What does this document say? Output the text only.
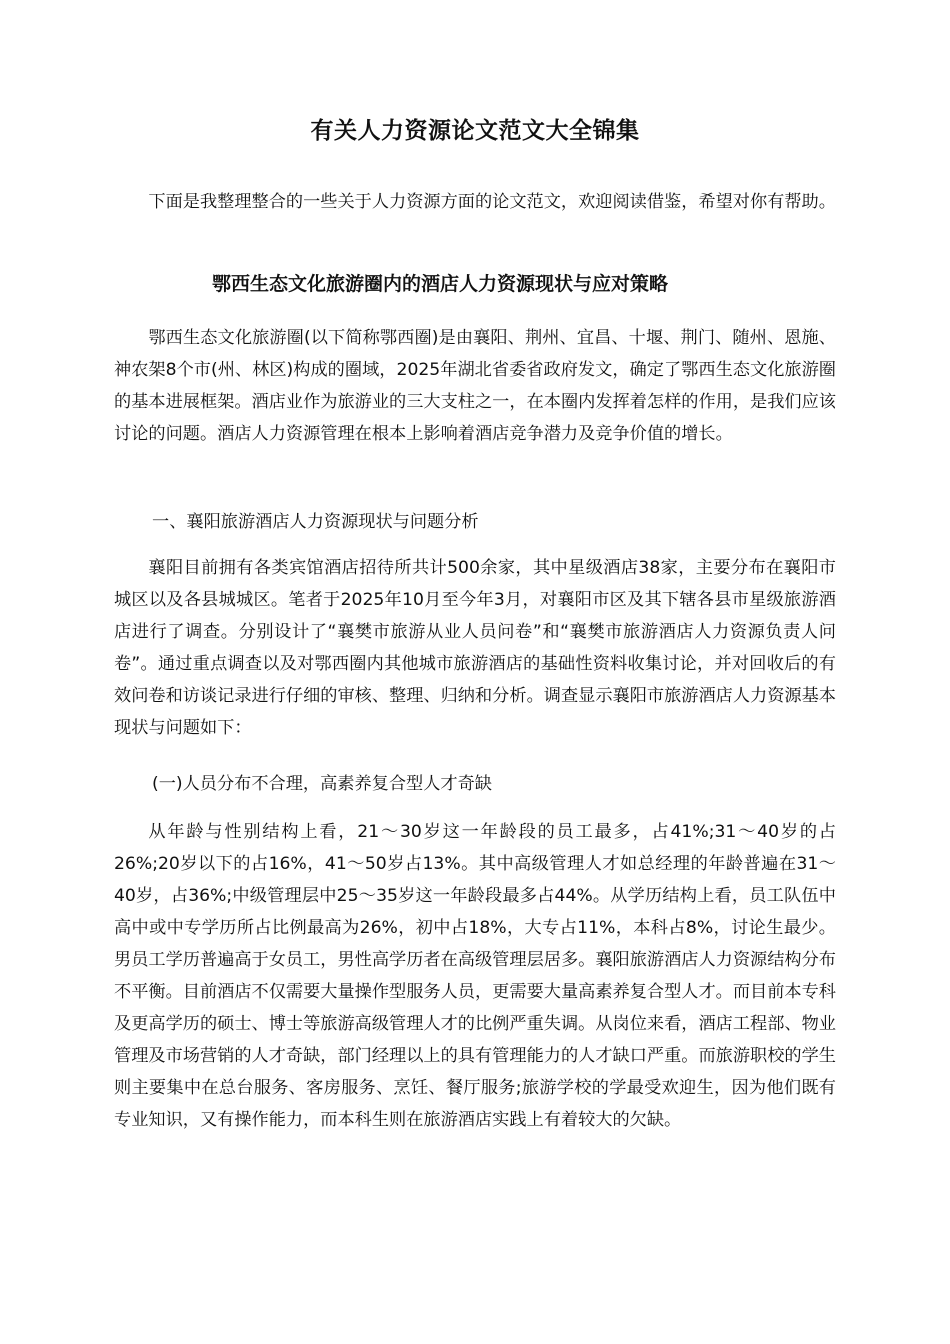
有关人力资源论文范文大全锦集

下面是我整理整合的一些关于人力资源方面的论文范文，欢迎阅读借鉴，希望对你有帮助。

鄂西生态文化旅游圈内的酒店人力资源现状与应对策略

鄂西生态文化旅游圈(以下简称鄂西圈)是由襄阳、荆州、宜昌、十堰、荆门、随州、恩施、神农架8个市(州、林区)构成的圈域，2025年湖北省委省政府发文，确定了鄂西生态文化旅游圈的基本进展框架。酒店业作为旅游业的三大支柱之一，在本圈内发挥着怎样的作用，是我们应该讨论的问题。酒店人力资源管理在根本上影响着酒店竞争潜力及竞争价值的增长。

一、襄阳旅游酒店人力资源现状与问题分析

襄阳目前拥有各类宾馆酒店招待所共计500余家，其中星级酒店38家，主要分布在襄阳市城区以及各县城城区。笔者于2025年10月至今年3月，对襄阳市区及其下辖各县市星级旅游酒店进行了调查。分别设计了“襄樊市旅游从业人员问卷”和“襄樊市旅游酒店人力资源负责人问卷”。通过重点调查以及对鄂西圈内其他城市旅游酒店的基础性资料收集讨论，并对回收后的有效问卷和访谈记录进行仔细的审核、整理、归纳和分析。调查显示襄阳市旅游酒店人力资源基本现状与问题如下：

(一)人员分布不合理，高素养复合型人才奇缺

从年龄与性别结构上看，21～30岁这一年龄段的员工最多，占41%;31～40岁的占26%;20岁以下的占16%，41～50岁占13%。其中高级管理人才如总经理的年龄普遍在31～40岁，占36%;中级管理层中25～35岁这一年龄段最多占44%。从学历结构上看，员工队伍中高中或中专学历所占比例最高为26%，初中占18%，大专占11%，本科占8%，讨论生最少。男员工学历普遍高于女员工，男性高学历者在高级管理层居多。襄阳旅游酒店人力资源结构分布不平衡。目前酒店不仅需要大量操作型服务人员，更需要大量高素养复合型人才。而目前本专科及更高学历的硕士、博士等旅游高级管理人才的比例严重失调。从岗位来看，酒店工程部、物业管理及市场营销的人才奇缺，部门经理以上的具有管理能力的人才缺口严重。而旅游职校的学生则主要集中在总台服务、客房服务、烹饪、餐厅服务;旅游学校的学最受欢迎生，因为他们既有专业知识，又有操作能力，而本科生则在旅游酒店实践上有着较大的欠缺。
